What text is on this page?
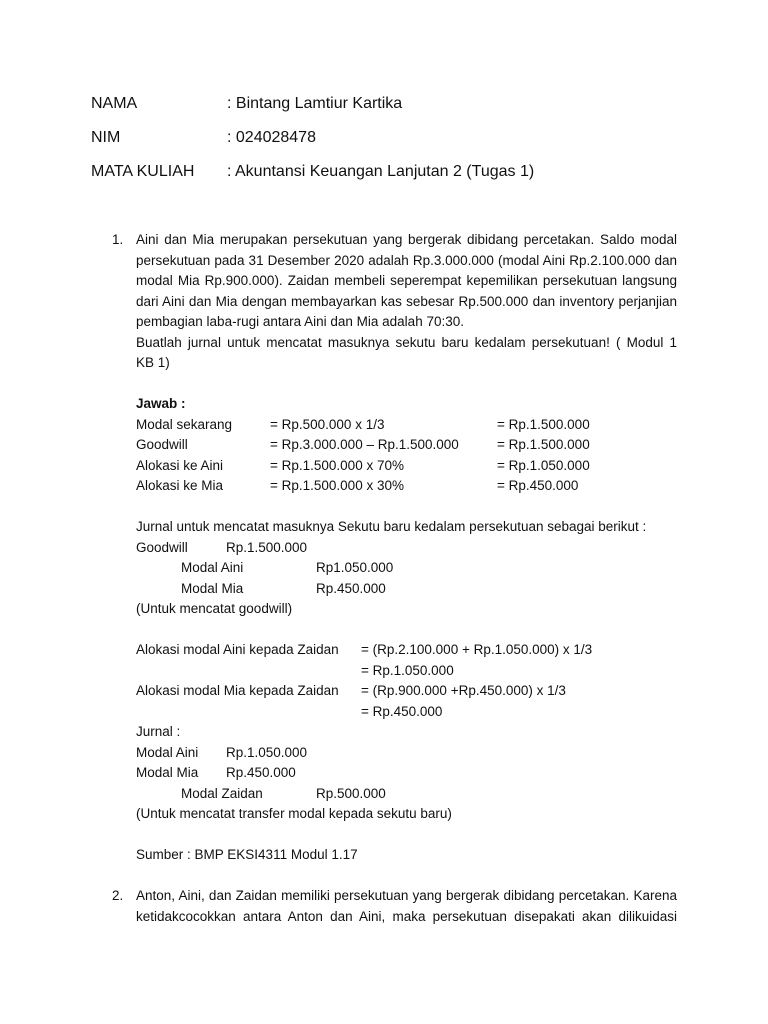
NAMA	: Bintang Lamtiur Kartika
NIM	: 024028478
MATA KULIAH	: Akuntansi Keuangan Lanjutan 2 (Tugas 1)
1. Aini dan Mia merupakan persekutuan yang bergerak dibidang percetakan. Saldo modal
persekutuan pada 31 Desember 2020 adalah Rp.3.000.000 (modal Aini Rp.2.100.000 dan
modal Mia Rp.900.000). Zaidan membeli seperempat kepemilikan persekutuan langsung
dari Aini dan Mia dengan membayarkan kas sebesar Rp.500.000 dan inventory perjanjian
pembagian laba-rugi antara Aini dan Mia adalah 70:30.
Buatlah jurnal untuk mencatat masuknya sekutu baru kedalam persekutuan! ( Modul 1
KB 1)
Jawab :
Modal sekarang	= Rp.500.000 x 1/3	= Rp.1.500.000
Goodwill	= Rp.3.000.000 – Rp.1.500.000	= Rp.1.500.000
Alokasi ke Aini	= Rp.1.500.000 x 70%	= Rp.1.050.000
Alokasi ke Mia	= Rp.1.500.000 x 30%	= Rp.450.000
Jurnal untuk mencatat masuknya Sekutu baru kedalam persekutuan sebagai berikut :
Goodwill	Rp.1.500.000
Modal Aini	Rp1.050.000
Modal Mia	Rp.450.000
(Untuk mencatat goodwill)
Alokasi modal Aini kepada Zaidan = (Rp.2.100.000 + Rp.1.050.000) x 1/3
= Rp.1.050.000
Alokasi modal Mia kepada Zaidan = (Rp.900.000 +Rp.450.000) x 1/3
= Rp.450.000
Jurnal :
Modal Aini Rp.1.050.000
Modal Mia Rp.450.000
Modal Zaidan	Rp.500.000
(Untuk mencatat transfer modal kepada sekutu baru)
Sumber : BMP EKSI4311 Modul 1.17
2. Anton, Aini, dan Zaidan memiliki persekutuan yang bergerak dibidang percetakan. Karena
ketidakcocokkan antara Anton dan Aini, maka persekutuan disepakati akan dilikuidasi
